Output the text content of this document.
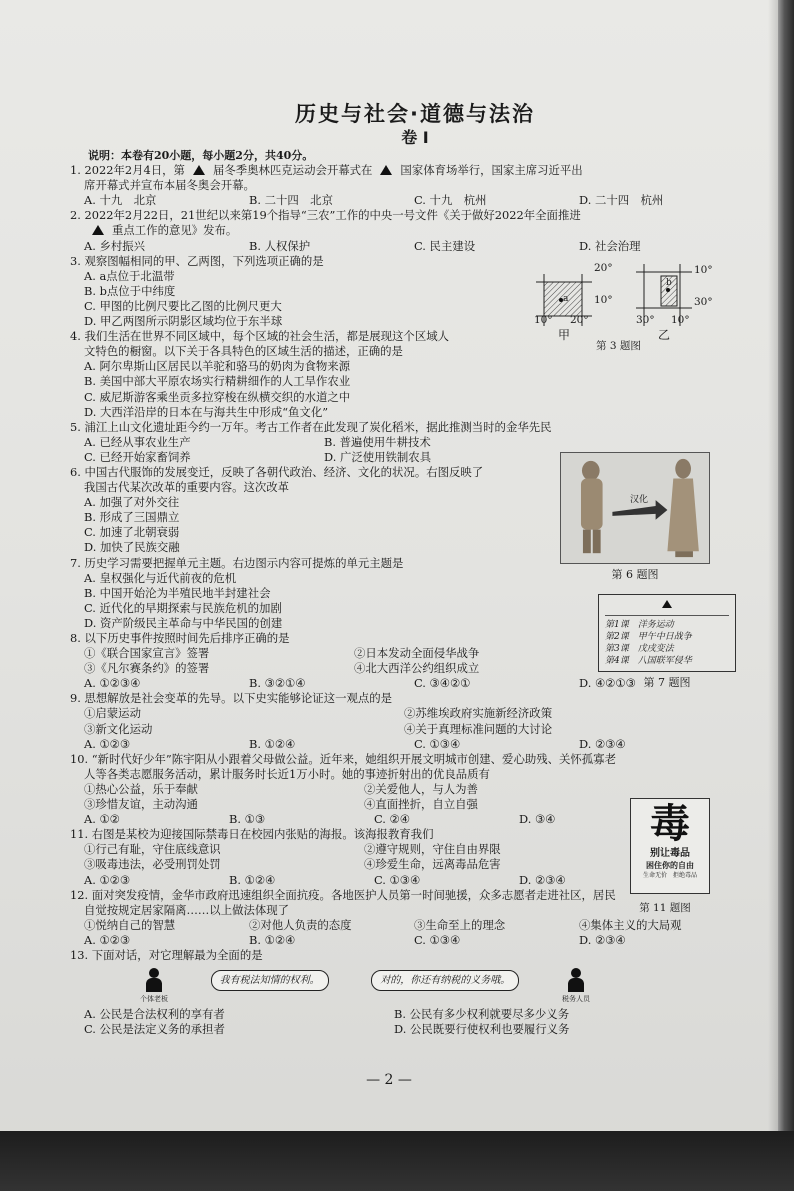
历史与社会·道德与法治
卷 Ⅰ
说明：本卷有20小题，每小题2分，共40分。
1. 2022年2月4日，第 届冬季奥林匹克运动会开幕式在 国家体育场举行，国家主席习近平出
席开幕式并宣布本届冬奥会开幕。
A. 十九　北京	B. 二十四　北京	C. 十九　杭州	D. 二十四　杭州
2. 2022年2月22日，21世纪以来第19个指导“三农”工作的中央一号文件《关于做好2022年全面推进
重点工作的意见》发布。
A. 乡村振兴	B. 人权保护	C. 民主建设	D. 社会治理
3. 观察图幅相同的甲、乙两图，下列选项正确的是
A. a点位于北温带
B. b点位于中纬度
C. 甲图的比例尺要比乙图的比例尺更大
D. 甲乙两图所示阴影区域均位于东半球
4. 我们生活在世界不同区域中，每个区域的社会生活，都是展现这个区域人
文特色的橱窗。以下关于各具特色的区域生活的描述，正确的是
A. 阿尔卑斯山区居民以羊驼和骆马的奶肉为食物来源
B. 美国中部大平原农场实行精耕细作的人工旱作农业
C. 威尼斯游客乘坐贡多拉穿梭在纵横交织的水道之中
D. 大西洋沿岸的日本在与海共生中形成“鱼文化”
5. 浦江上山文化遗址距今约一万年。考古工作者在此发现了炭化稻米，据此推测当时的金华先民
A. 已经从事农业生产	B. 普遍使用牛耕技术
C. 已经开始家畜饲养	D. 广泛使用铁制农具
6. 中国古代服饰的发展变迁，反映了各朝代政治、经济、文化的状况。右图反映了
我国古代某次改革的重要内容。这次改革
A. 加强了对外交往
B. 形成了三国鼎立
C. 加速了北朝衰弱
D. 加快了民族交融
7. 历史学习需要把握单元主题。右边图示内容可提炼的单元主题是
A. 皇权强化与近代前夜的危机
B. 中国开始沦为半殖民地半封建社会
C. 近代化的早期探索与民族危机的加剧
D. 资产阶级民主革命与中华民国的创建
8. 以下历史事件按照时间先后排序正确的是
①《联合国家宣言》签署	②日本发动全面侵华战争
③《凡尔赛条约》的签署	④北大西洋公约组织成立
A. ①②③④	B. ③②①④	C. ③④②①	D. ④②①③
9. 思想解放是社会变革的先导。以下史实能够论证这一观点的是
①启蒙运动	②苏维埃政府实施新经济政策
③新文化运动	④关于真理标准问题的大讨论
A. ①②③	B. ①②④	C. ①③④	D. ②③④
10. “新时代好少年”陈宇阳从小跟着父母做公益。近年来，她组织开展文明城市创建、爱心助残、关怀孤寡老
人等各类志愿服务活动，累计服务时长近1万小时。她的事迹折射出的优良品质有
①热心公益，乐于奉献	②关爱他人，与人为善
③珍惜友谊，主动沟通	④直面挫折，自立自强
A. ①②	B. ①③	C. ②④	D. ③④
11. 右图是某校为迎接国际禁毒日在校园内张贴的海报。该海报教育我们
①行己有耻，守住底线意识	②遵守规则，守住自由界限
③吸毒违法，必受刑罚处罚	④珍爱生命，远离毒品危害
A. ①②③	B. ①②④	C. ①③④	D. ②③④
12. 面对突发疫情，金华市政府迅速组织全面抗疫。各地医护人员第一时间驰援，众多志愿者走进社区，居民
自觉按规定居家隔离……以上做法体现了
①悦纳自己的智慧	②对他人负责的态度	③生命至上的理念	④集体主义的大局观
A. ①②③	B. ①②④	C. ①③④	D. ②③④
13. 下面对话，对它理解最为全面的是
个体老板
我有税法知情的权利。	对的，你还有纳税的义务哦。
税务人员
A. 公民是合法权利的享有者	B. 公民有多少权利就要尽多少义务
C. 公民是法定义务的承担者	D. 公民既要行使权利也要履行义务
20°
10°
10° 20°
a
甲
10°
30°
30° 10°
b
乙
第 3 题图
汉化
第 6 题图
第1课　洋务运动
第2课　甲午中日战争
第3课　戊戌变法
第4课　八国联军侵华
第 7 题图
毒
别让毒品
困住你的自由
生命无价　拒绝毒品
第 11 题图
— 2 —
